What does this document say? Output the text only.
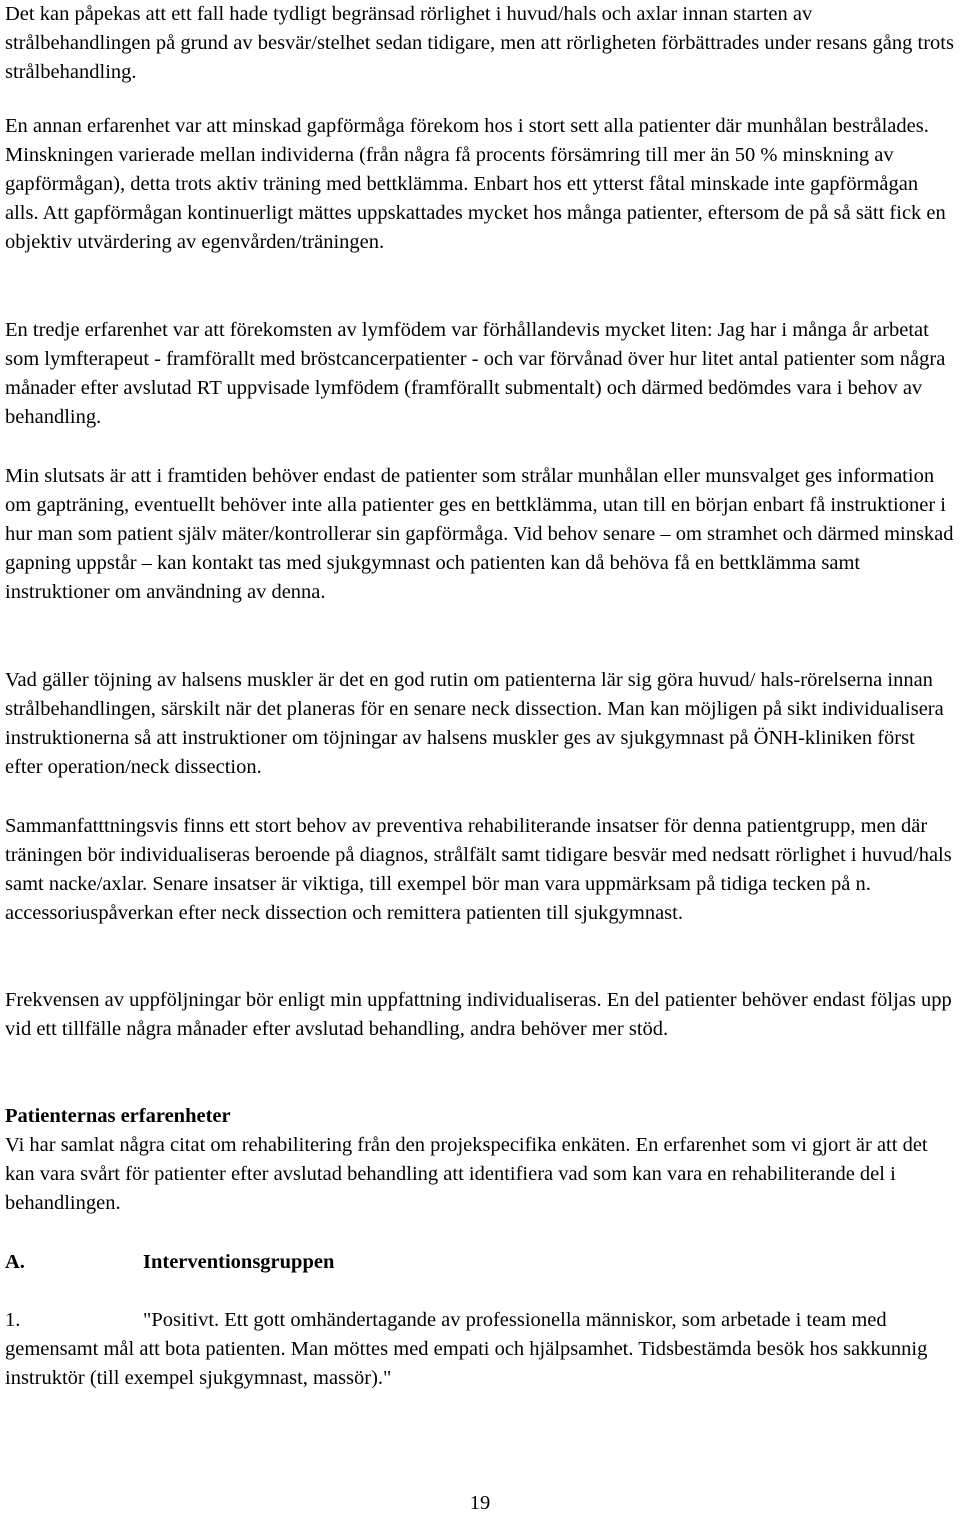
Det kan påpekas att ett fall hade tydligt begränsad rörlighet i huvud/hals och axlar innan starten av strålbehandlingen på grund av besvär/stelhet sedan tidigare, men att rörligheten förbättrades under resans gång trots strålbehandling.

En annan erfarenhet var att minskad gapförmåga förekom hos i stort sett alla patienter där munhålan bestrålades. Minskningen varierade mellan individerna (från några få procents försämring till mer än 50 % minskning av gapförmågan), detta trots aktiv träning med bettklämma. Enbart hos ett ytterst fåtal minskade inte gapförmågan alls. Att gapförmågan kontinuerligt mättes uppskattades mycket hos många patienter, eftersom de på så sätt fick en objektiv utvärdering av egenvården/träningen.

En tredje erfarenhet var att förekomsten av lymfödem var förhållandevis mycket liten: Jag har i många år arbetat som lymfterapeut - framförallt med bröstcancerpatienter - och var förvånad över hur litet antal patienter som några månader efter avslutad RT uppvisade lymfödem (framförallt submentalt) och därmed bedömdes vara i behov av behandling.

Min slutsats är att i framtiden behöver endast de patienter som strålar munhålan eller munsvalget ges information om gapträning, eventuellt behöver inte alla patienter ges en bettklämma, utan till en början enbart få instruktioner i hur man som patient själv mäter/kontrollerar sin gapförmåga. Vid behov senare – om stramhet och därmed minskad gapning uppstår – kan kontakt tas med sjukgymnast och patienten kan då behöva få en bettklämma samt instruktioner om användning av denna.

Vad gäller töjning av halsens muskler är det en god rutin om patienterna lär sig göra huvud/ hals-rörelserna innan strålbehandlingen, särskilt när det planeras för en senare neck dissection. Man kan möjligen på sikt individualisera instruktionerna så att instruktioner om töjningar av halsens muskler ges av sjukgymnast på ÖNH-kliniken först efter operation/neck dissection.

Sammanfatttningsvis finns ett stort behov av preventiva rehabiliterande insatser för denna patientgrupp, men där träningen bör individualiseras beroende på diagnos, strålfält samt tidigare besvär med nedsatt rörlighet i huvud/hals samt nacke/axlar. Senare insatser är viktiga, till exempel bör man vara uppmärksam på tidiga tecken på n. accessoriuspåverkan efter neck dissection och remittera patienten till sjukgymnast.

Frekvensen av uppföljningar bör enligt min uppfattning individualiseras. En del patienter behöver endast följas upp vid ett tillfälle några månader efter avslutad behandling, andra behöver mer stöd.

Patienternas erfarenheter
Vi har samlat några citat om rehabilitering från den projekspecifika enkäten. En erfarenhet som vi gjort är att det kan vara svårt för patienter efter avslutad behandling att identifiera vad som kan vara en rehabiliterande del i behandlingen.

A.	Interventionsgruppen
1.	"Positivt. Ett gott omhändertagande av professionella människor, som arbetade i team med gemensamt mål att bota patienten. Man möttes med empati och hjälpsamhet. Tidsbestämda besök hos sakkunnig instruktör (till exempel sjukgymnast, massör)."
19
